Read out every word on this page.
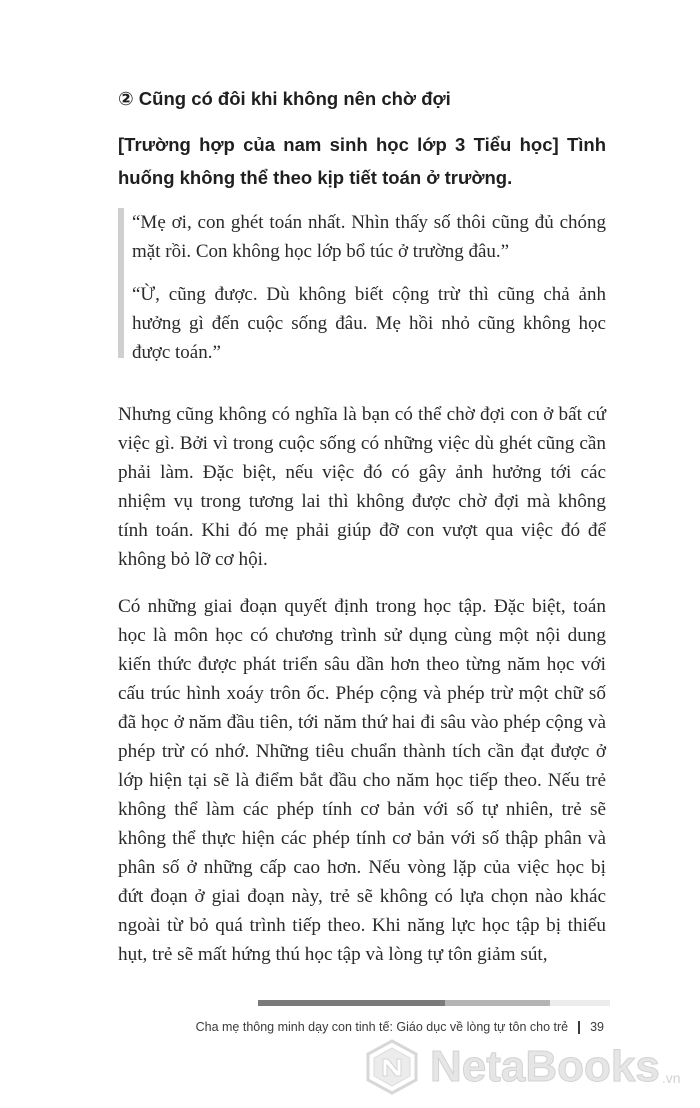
② Cũng có đôi khi không nên chờ đợi
[Trường hợp của nam sinh học lớp 3 Tiểu học] Tình huống không thể theo kịp tiết toán ở trường.

“Mẹ ơi, con ghét toán nhất. Nhìn thấy số thôi cũng đủ chóng mặt rồi. Con không học lớp bổ túc ở trường đâu.”

“Ừ, cũng được. Dù không biết cộng trừ thì cũng chả ảnh hưởng gì đến cuộc sống đâu. Mẹ hồi nhỏ cũng không học được toán.”

Nhưng cũng không có nghĩa là bạn có thể chờ đợi con ở bất cứ việc gì. Bởi vì trong cuộc sống có những việc dù ghét cũng cần phải làm. Đặc biệt, nếu việc đó có gây ảnh hưởng tới các nhiệm vụ trong tương lai thì không được chờ đợi mà không tính toán. Khi đó mẹ phải giúp đỡ con vượt qua việc đó để không bỏ lỡ cơ hội.

Có những giai đoạn quyết định trong học tập. Đặc biệt, toán học là môn học có chương trình sử dụng cùng một nội dung kiến thức được phát triển sâu dần hơn theo từng năm học với cấu trúc hình xoáy trôn ốc. Phép cộng và phép trừ một chữ số đã học ở năm đầu tiên, tới năm thứ hai đi sâu vào phép cộng và phép trừ có nhớ. Những tiêu chuẩn thành tích cần đạt được ở lớp hiện tại sẽ là điểm bắt đầu cho năm học tiếp theo. Nếu trẻ không thể làm các phép tính cơ bản với số tự nhiên, trẻ sẽ không thể thực hiện các phép tính cơ bản với số thập phân và phân số ở những cấp cao hơn. Nếu vòng lặp của việc học bị đứt đoạn ở giai đoạn này, trẻ sẽ không có lựa chọn nào khác ngoài từ bỏ quá trình tiếp theo. Khi năng lực học tập bị thiếu hụt, trẻ sẽ mất hứng thú học tập và lòng tự tôn giảm sút,

Cha mẹ thông minh dạy con tinh tế: Giáo dục về lòng tự tôn cho trẻ 39
NetaBooks .vn
